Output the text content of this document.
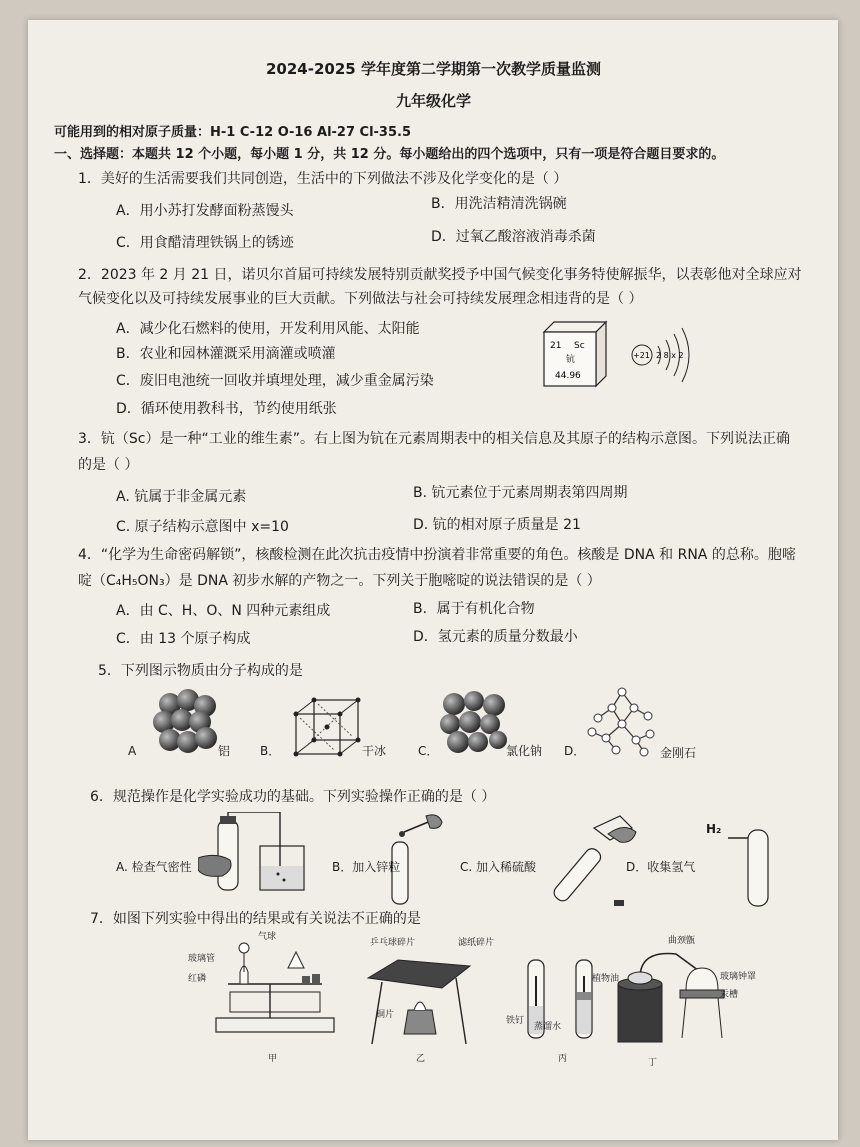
2024-2025 学年度第二学期第一次教学质量监测
九年级化学
可能用到的相对原子质量：H-1 C-12 O-16 Al-27 Cl-35.5
一、选择题：本题共 12 个小题，每小题 1 分，共 12 分。每小题给出的四个选项中，只有一项是符合题目要求的。
1．美好的生活需要我们共同创造，生活中的下列做法不涉及化学变化的是（ ）
A．用小苏打发酵面粉蒸馒头	B．用洗洁精清洗锅碗
C．用食醋清理铁锅上的锈迹	D．过氧乙酸溶液消毒杀菌
2．2023 年 2 月 21 日，诺贝尔首届可持续发展特别贡献奖授予中国气候变化事务特使解振华，以表彰他对全球应对
气候变化以及可持续发展事业的巨大贡献。下列做法与社会可持续发展理念相违背的是（ ）
A．减少化石燃料的使用，开发利用风能、太阳能
B．农业和园林灌溉采用滴灌或喷灌
C．废旧电池统一回收并填埋处理，减少重金属污染
D．循环使用教科书，节约使用纸张
21 Sc
钪
44.96
+21 2 8 x 2
3．钪（Sc）是一种“工业的维生素”。右上图为钪在元素周期表中的相关信息及其原子的结构示意图。下列说法正确
的是（ ）
A. 钪属于非金属元素	B. 钪元素位于元素周期表第四周期
C. 原子结构示意图中 x=10	D. 钪的相对原子质量是 21
4．“化学为生命密码解锁”，核酸检测在此次抗击疫情中扮演着非常重要的角色。核酸是 DNA 和 RNA 的总称。胞嘧
啶（C₄H₅ON₃）是 DNA 初步水解的产物之一。下列关于胞嘧啶的说法错误的是（ ）
A．由 C、H、O、N 四种元素组成	B．属于有机化合物
C．由 13 个原子构成	D．氢元素的质量分数最小
5．下列图示物质由分子构成的是
A	铝 B．	干冰	C．	氯化钠 D．	金刚石
6．规范操作是化学实验成功的基础。下列实验操作正确的是（ ）
A. 检查气密性	B．加入锌粒	C. 加入稀硫酸
H₂
D．收集氢气
7．如图下列实验中得出的结果或有关说法不正确的是
气球
玻璃管
红磷
甲
乒乓球碎片	滤纸碎片
铜片
乙
铁钉
蒸馏水
植物油
丙
曲颈甑
玻璃钟罩
汞槽
丁
